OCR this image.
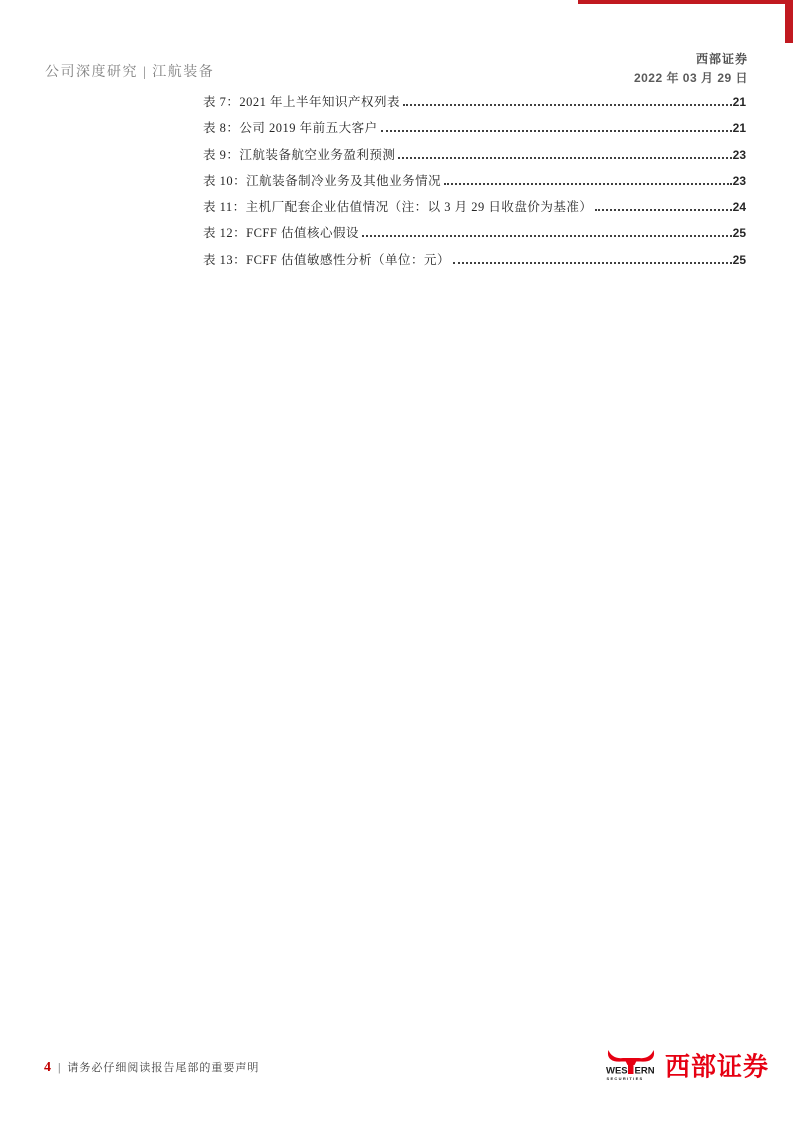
公司深度研究 | 江航装备
西部证券
2022 年 03 月 29 日
表 7：2021 年上半年知识产权列表	21
表 8：公司 2019 年前五大客户	21
表 9：江航装备航空业务盈利预测	23
表 10：江航装备制冷业务及其他业务情况	23
表 11：主机厂配套企业估值情况（注：以 3 月 29 日收盘价为基准）	24
表 12：FCFF 估值核心假设	25
表 13：FCFF 估值敏感性分析（单位：元）	25
4 | 请务必仔细阅读报告尾部的重要声明	WES ERN
SECURITIES 西部证券
